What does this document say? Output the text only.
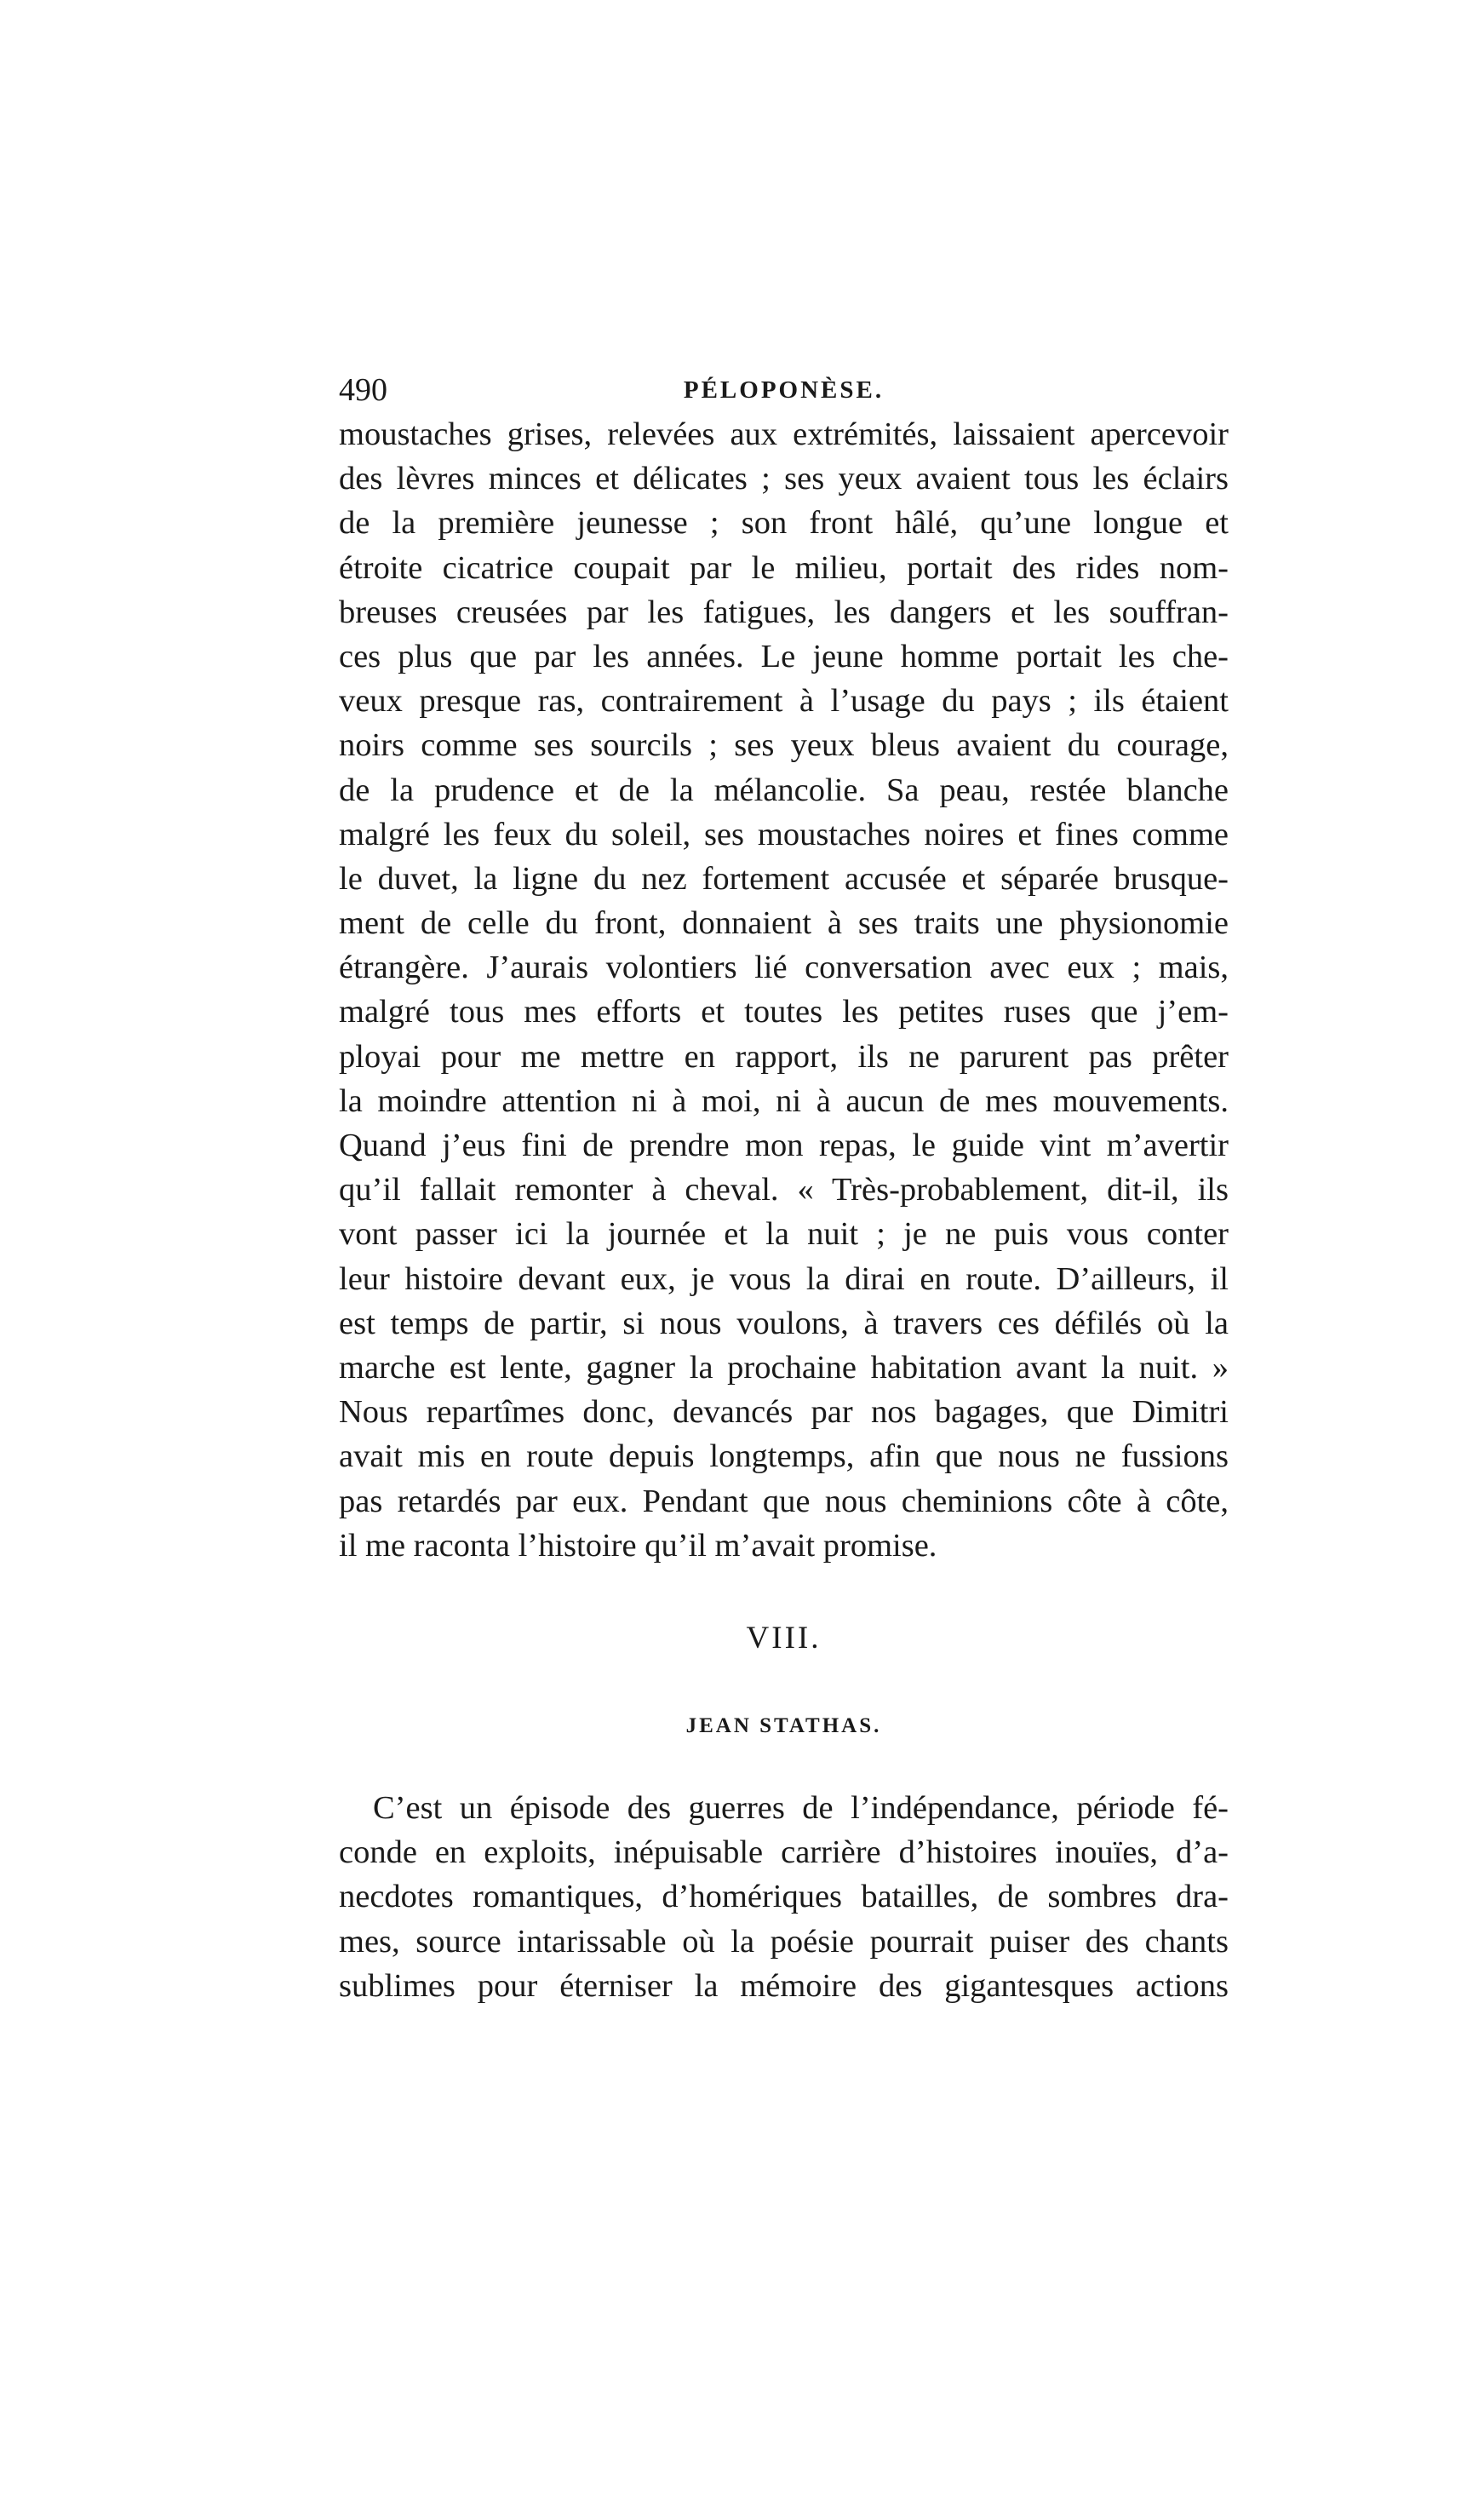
490	PÉLOPONÈSE.
moustaches grises, relevées aux extrémités, laissaient apercevoir
des lèvres minces et délicates ; ses yeux avaient tous les éclairs
de la première jeunesse ; son front hâlé, qu’une longue et
étroite cicatrice coupait par le milieu, portait des rides nom-
breuses creusées par les fatigues, les dangers et les souffran-
ces plus que par les années. Le jeune homme portait les che-
veux presque ras, contrairement à l’usage du pays ; ils étaient
noirs comme ses sourcils ; ses yeux bleus avaient du courage,
de la prudence et de la mélancolie. Sa peau, restée blanche
malgré les feux du soleil, ses moustaches noires et fines comme
le duvet, la ligne du nez fortement accusée et séparée brusque-
ment de celle du front, donnaient à ses traits une physionomie
étrangère. J’aurais volontiers lié conversation avec eux ; mais,
malgré tous mes efforts et toutes les petites ruses que j’em-
ployai pour me mettre en rapport, ils ne parurent pas prêter
la moindre attention ni à moi, ni à aucun de mes mouvements.
Quand j’eus fini de prendre mon repas, le guide vint m’avertir
qu’il fallait remonter à cheval. « Très-probablement, dit-il, ils
vont passer ici la journée et la nuit ; je ne puis vous conter
leur histoire devant eux, je vous la dirai en route. D’ailleurs, il
est temps de partir, si nous voulons, à travers ces défilés où la
marche est lente, gagner la prochaine habitation avant la nuit. »
Nous repartîmes donc, devancés par nos bagages, que Dimitri
avait mis en route depuis longtemps, afin que nous ne fussions
pas retardés par eux. Pendant que nous cheminions côte à côte,
il me raconta l’histoire qu’il m’avait promise.
VIII.
JEAN STATHAS.
C’est un épisode des guerres de l’indépendance, période fé-
conde en exploits, inépuisable carrière d’histoires inouïes, d’a-
necdotes romantiques, d’homériques batailles, de sombres dra-
mes, source intarissable où la poésie pourrait puiser des chants
sublimes pour éterniser la mémoire des gigantesques actions
